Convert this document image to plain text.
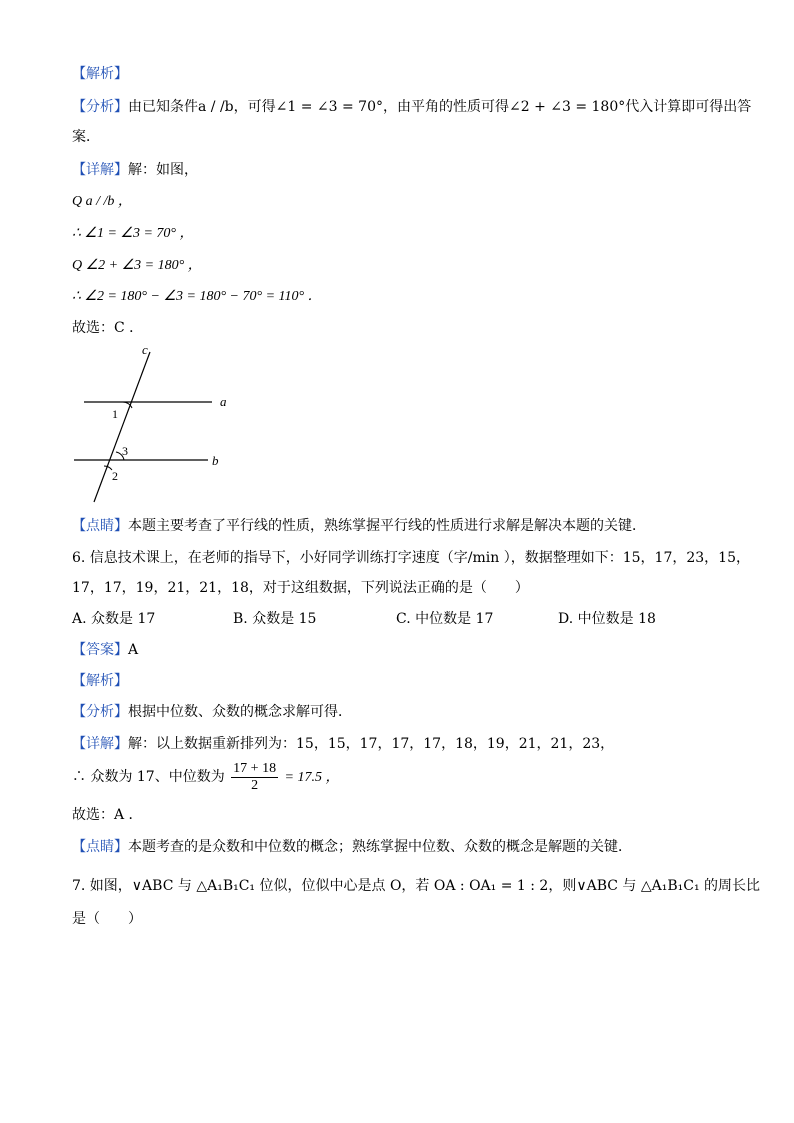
【解析】
【分析】由已知条件a / /b，可得∠1 = ∠3 = 70°，由平角的性质可得∠2 + ∠3 = 180°代入计算即可得出答
案．
【详解】解：如图，
Q a / /b ，
∴ ∠1 = ∠3 = 70° ，
Q ∠2 + ∠3 = 180° ，
∴ ∠2 = 180° − ∠3 = 180° − 70° = 110° ．
故选：C ．
c
a
b
1
3
2
【点睛】本题主要考查了平行线的性质，熟练掌握平行线的性质进行求解是解决本题的关键．
6. 信息技术课上，在老师的指导下，小好同学训练打字速度（字/min ），数据整理如下：15，17，23，15，
17，17，19，21，21，18，对于这组数据，下列说法正确的是（　　）
A. 众数是 17	B. 众数是 15	C. 中位数是 17	D. 中位数是 18
【答案】A
【解析】
【分析】根据中位数、众数的概念求解可得．
【详解】解：以上数据重新排列为：15，15，17，17，17，18，19，21，21，23，
∴ 众数为 17、中位数为 $\frac{17 + 18}{2} = 17.5$ ，
故选：A ．
【点睛】本题考查的是众数和中位数的概念；熟练掌握中位数、众数的概念是解题的关键．
7. 如图，∨ABC 与 △A₁B₁C₁ 位似，位似中心是点 O，若 OA : OA₁ = 1 : 2，则∨ABC 与 △A₁B₁C₁ 的周长比
是（　　）
